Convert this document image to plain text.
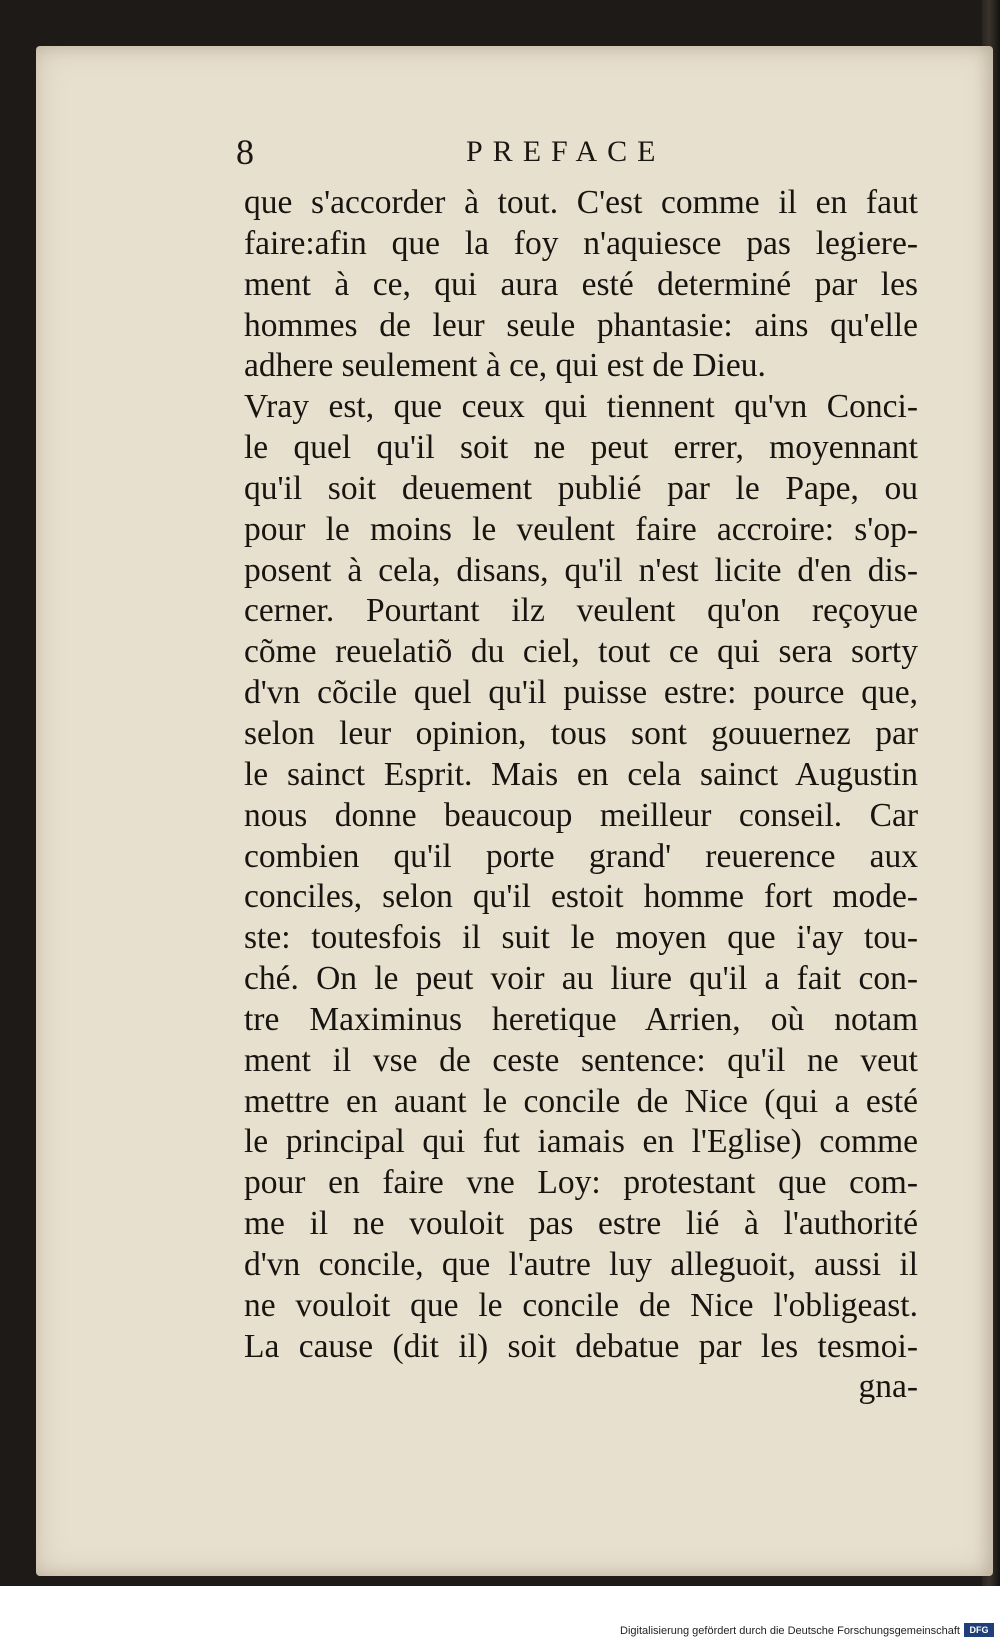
8	PREFACE
que s'accorder à tout. C'est comme il en faut
faire:afin que la foy n'aquiesce pas legiere-
ment à ce, qui aura esté determiné par les
hommes de leur seule phantasie: ains qu'elle
adhere seulement à ce, qui est de Dieu.
Vray est, que ceux qui tiennent qu'vn Conci-
le quel qu'il soit ne peut errer, moyennant
qu'il soit deuement publié par le Pape, ou
pour le moins le veulent faire accroire: s'op-
posent à cela, disans, qu'il n'est licite d'en dis-
cerner. Pourtant ilz veulent qu'on reçoyue
cõme reuelatiõ du ciel, tout ce qui sera sorty
d'vn cõcile quel qu'il puisse estre: pource que,
selon leur opinion, tous sont gouuernez par
le sainct Esprit. Mais en cela sainct Augustin
nous donne beaucoup meilleur conseil. Car
combien qu'il porte grand' reuerence aux
conciles, selon qu'il estoit homme fort mode-
ste: toutesfois il suit le moyen que i'ay tou-
ché. On le peut voir au liure qu'il a fait con-
tre Maximinus heretique Arrien, où notam
ment il vse de ceste sentence: qu'il ne veut
mettre en auant le concile de Nice (qui a esté
le principal qui fut iamais en l'Eglise) comme
pour en faire vne Loy: protestant que com-
me il ne vouloit pas estre lié à l'authorité
d'vn concile, que l'autre luy alleguoit, aussi il
ne vouloit que le concile de Nice l'obligeast.
La cause (dit il) soit debatue par les tesmoi-
gna-
Digitalisierung gefördert durch die Deutsche Forschungsgemeinschaft	DFG
